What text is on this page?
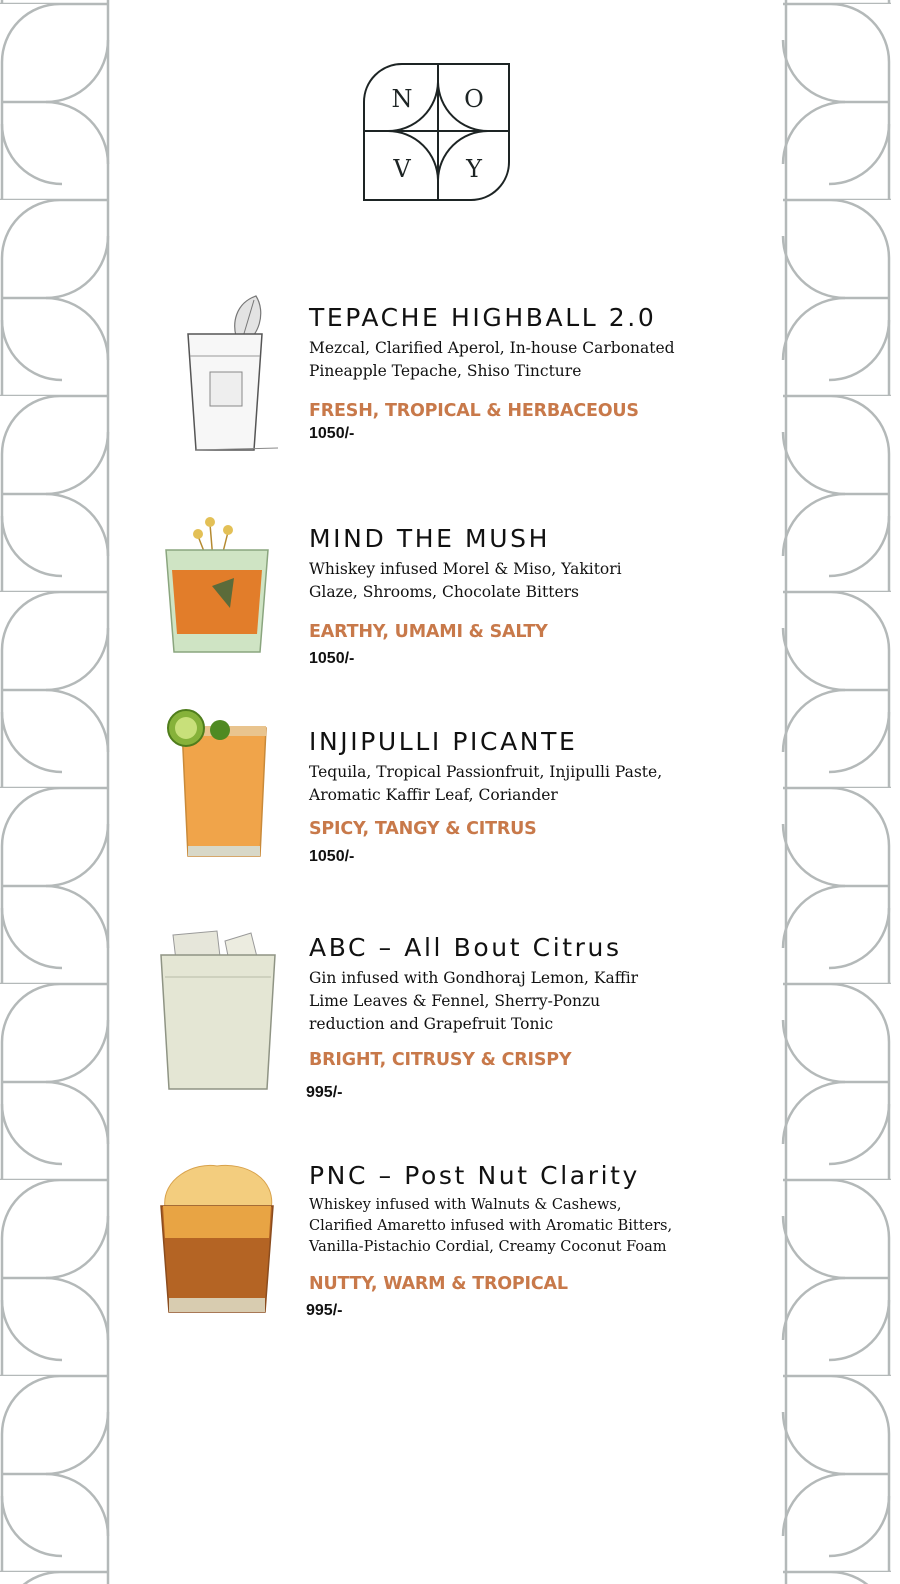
N O
V Y
TEPACHE HIGHBALL 2.0
Mezcal, Clarified Aperol, In-house Carbonated
Pineapple Tepache, Shiso Tincture
FRESH, TROPICAL & HERBACEOUS
1050/-
MIND THE MUSH
Whiskey infused Morel & Miso, Yakitori
Glaze, Shrooms, Chocolate Bitters
EARTHY, UMAMI & SALTY
1050/-
INJIPULLI PICANTE
Tequila, Tropical Passionfruit, Injipulli Paste,
Aromatic Kaffir Leaf, Coriander
SPICY, TANGY & CITRUS
1050/-
ABC – All Bout Citrus
Gin infused with Gondhoraj Lemon, Kaffir
Lime Leaves & Fennel, Sherry-Ponzu
reduction and Grapefruit Tonic
BRIGHT, CITRUSY & CRISPY
995/-
PNC – Post Nut Clarity
Whiskey infused with Walnuts & Cashews,
Clarified Amaretto infused with Aromatic Bitters,
Vanilla-Pistachio Cordial, Creamy Coconut Foam
NUTTY, WARM & TROPICAL
995/-
